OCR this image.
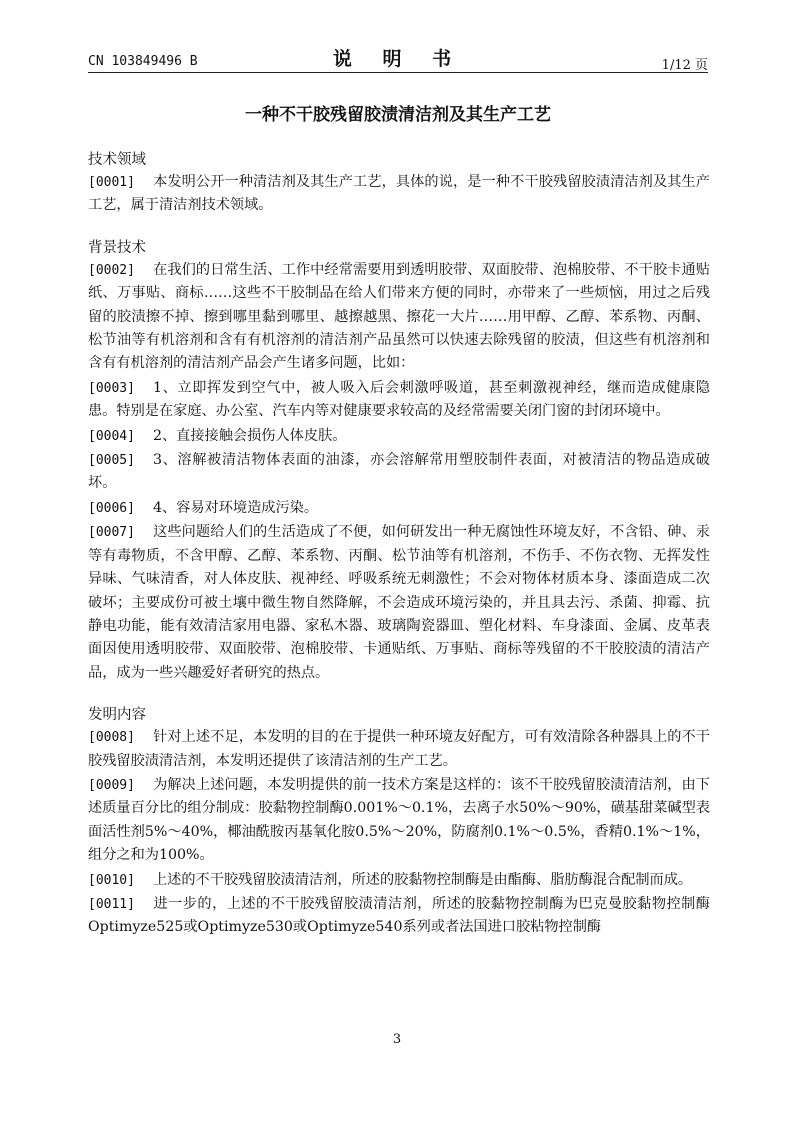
CN 103849496 B	说 明 书	1/12 页
一种不干胶残留胶渍清洁剂及其生产工艺
技术领域

[0001] 本发明公开一种清洁剂及其生产工艺，具体的说，是一种不干胶残留胶渍清洁剂及其生产工艺，属于清洁剂技术领域。

背景技术

[0002] 在我们的日常生活、工作中经常需要用到透明胶带、双面胶带、泡棉胶带、不干胶卡通贴纸、万事贴、商标……这些不干胶制品在给人们带来方便的同时，亦带来了一些烦恼，用过之后残留的胶渍擦不掉、擦到哪里黏到哪里、越擦越黑、擦花一大片……用甲醇、乙醇、苯系物、丙酮、松节油等有机溶剂和含有有机溶剂的清洁剂产品虽然可以快速去除残留的胶渍，但这些有机溶剂和含有有机溶剂的清洁剂产品会产生诸多问题，比如：

[0003] 1、立即挥发到空气中，被人吸入后会刺激呼吸道，甚至刺激视神经，继而造成健康隐患。特别是在家庭、办公室、汽车内等对健康要求较高的及经常需要关闭门窗的封闭环境中。

[0004] 2、直接接触会损伤人体皮肤。

[0005] 3、溶解被清洁物体表面的油漆，亦会溶解常用塑胶制件表面，对被清洁的物品造成破坏。

[0006] 4、容易对环境造成污染。

[0007] 这些问题给人们的生活造成了不便，如何研发出一种无腐蚀性环境友好，不含铅、砷、汞等有毒物质，不含甲醇、乙醇、苯系物、丙酮、松节油等有机溶剂，不伤手、不伤衣物、无挥发性异味、气味清香，对人体皮肤、视神经、呼吸系统无刺激性；不会对物体材质本身、漆面造成二次破坏；主要成份可被土壤中微生物自然降解，不会造成环境污染的，并且具去污、杀菌、抑霉、抗静电功能，能有效清洁家用电器、家私木器、玻璃陶瓷器皿、塑化材料、车身漆面、金属、皮革表面因使用透明胶带、双面胶带、泡棉胶带、卡通贴纸、万事贴、商标等残留的不干胶胶渍的清洁产品，成为一些兴趣爱好者研究的热点。

发明内容

[0008] 针对上述不足，本发明的目的在于提供一种环境友好配方，可有效清除各种器具上的不干胶残留胶渍清洁剂，本发明还提供了该清洁剂的生产工艺。

[0009] 为解决上述问题，本发明提供的前一技术方案是这样的：该不干胶残留胶渍清洁剂，由下述质量百分比的组分制成：胶黏物控制酶0.001%～0.1%，去离子水50%～90%，磺基甜菜碱型表面活性剂5%～40%，椰油酰胺丙基氧化胺0.5%～20%，防腐剂0.1%～0.5%，香精0.1%～1%，组分之和为100%。

[0010] 上述的不干胶残留胶渍清洁剂，所述的胶黏物控制酶是由酯酶、脂肪酶混合配制而成。

[0011] 进一步的，上述的不干胶残留胶渍清洁剂，所述的胶黏物控制酶为巴克曼胶黏物控制酶Optimyze525或Optimyze530或Optimyze540系列或者法国进口胶粘物控制酶

3
